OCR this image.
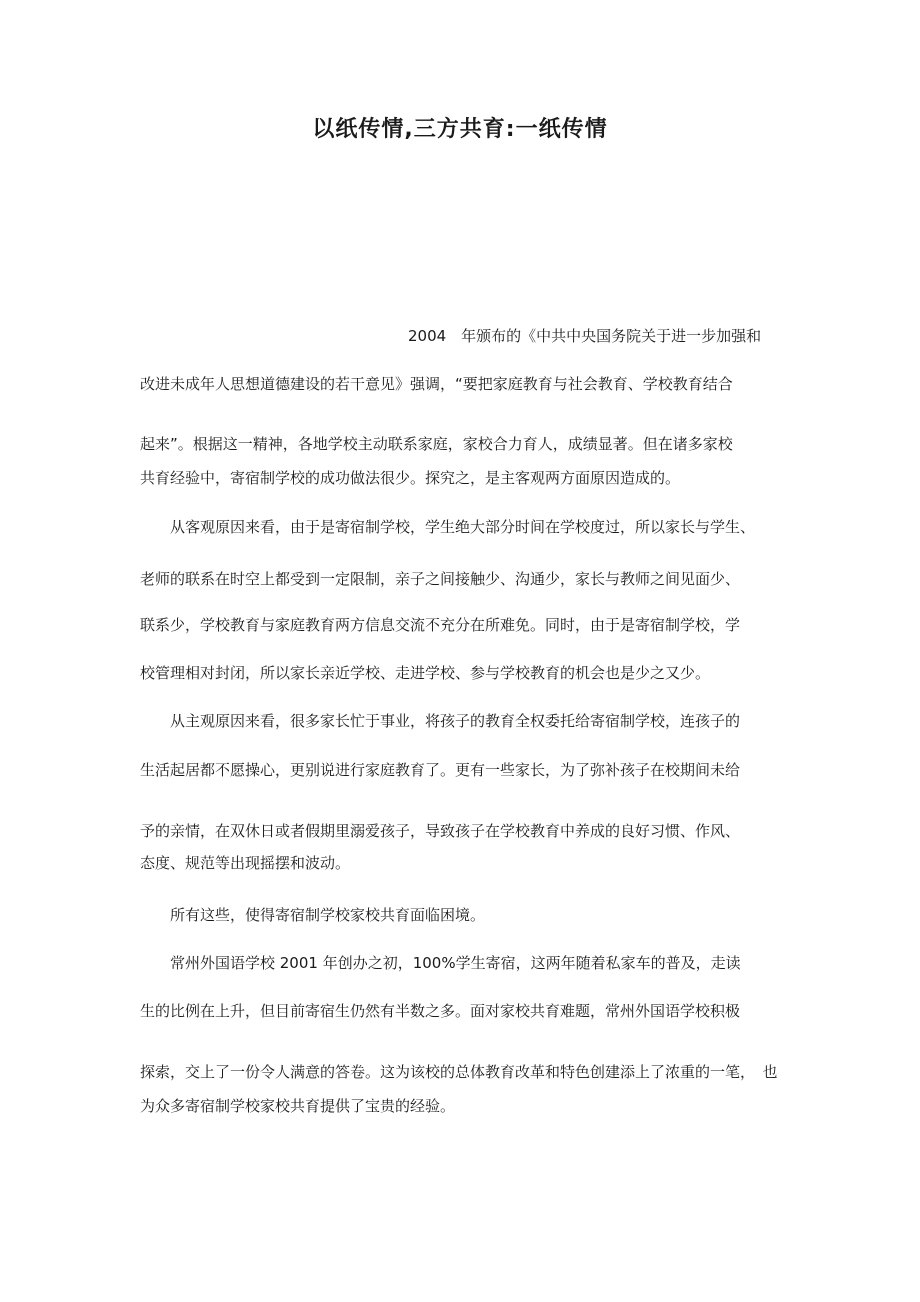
以纸传情,三方共育:一纸传情

2004　年颁布的《中共中央国务院关于进一步加强和

改进未成年人思想道德建设的若干意见》强调，“要把家庭教育与社会教育、学校教育结合

起来”。根据这一精神，各地学校主动联系家庭，家校合力育人，成绩显著。但在诸多家校

共育经验中，寄宿制学校的成功做法很少。探究之，是主客观两方面原因造成的。

从客观原因来看，由于是寄宿制学校，学生绝大部分时间在学校度过，所以家长与学生、

老师的联系在时空上都受到一定限制，亲子之间接触少、沟通少，家长与教师之间见面少、

联系少，学校教育与家庭教育两方信息交流不充分在所难免。同时，由于是寄宿制学校，学

校管理相对封闭，所以家长亲近学校、走进学校、参与学校教育的机会也是少之又少。

从主观原因来看，很多家长忙于事业，将孩子的教育全权委托给寄宿制学校，连孩子的

生活起居都不愿操心，更别说进行家庭教育了。更有一些家长，为了弥补孩子在校期间未给

予的亲情，在双休日或者假期里溺爱孩子，导致孩子在学校教育中养成的良好习惯、作风、

态度、规范等出现摇摆和波动。

所有这些，使得寄宿制学校家校共育面临困境。

常州外国语学校 2001 年创办之初，100%学生寄宿，这两年随着私家车的普及，走读

生的比例在上升，但目前寄宿生仍然有半数之多。面对家校共育难题，常州外国语学校积极

探索，交上了一份令人满意的答卷。这为该校的总体教育改革和特色创建添上了浓重的一笔，　也

为众多寄宿制学校家校共育提供了宝贵的经验。
